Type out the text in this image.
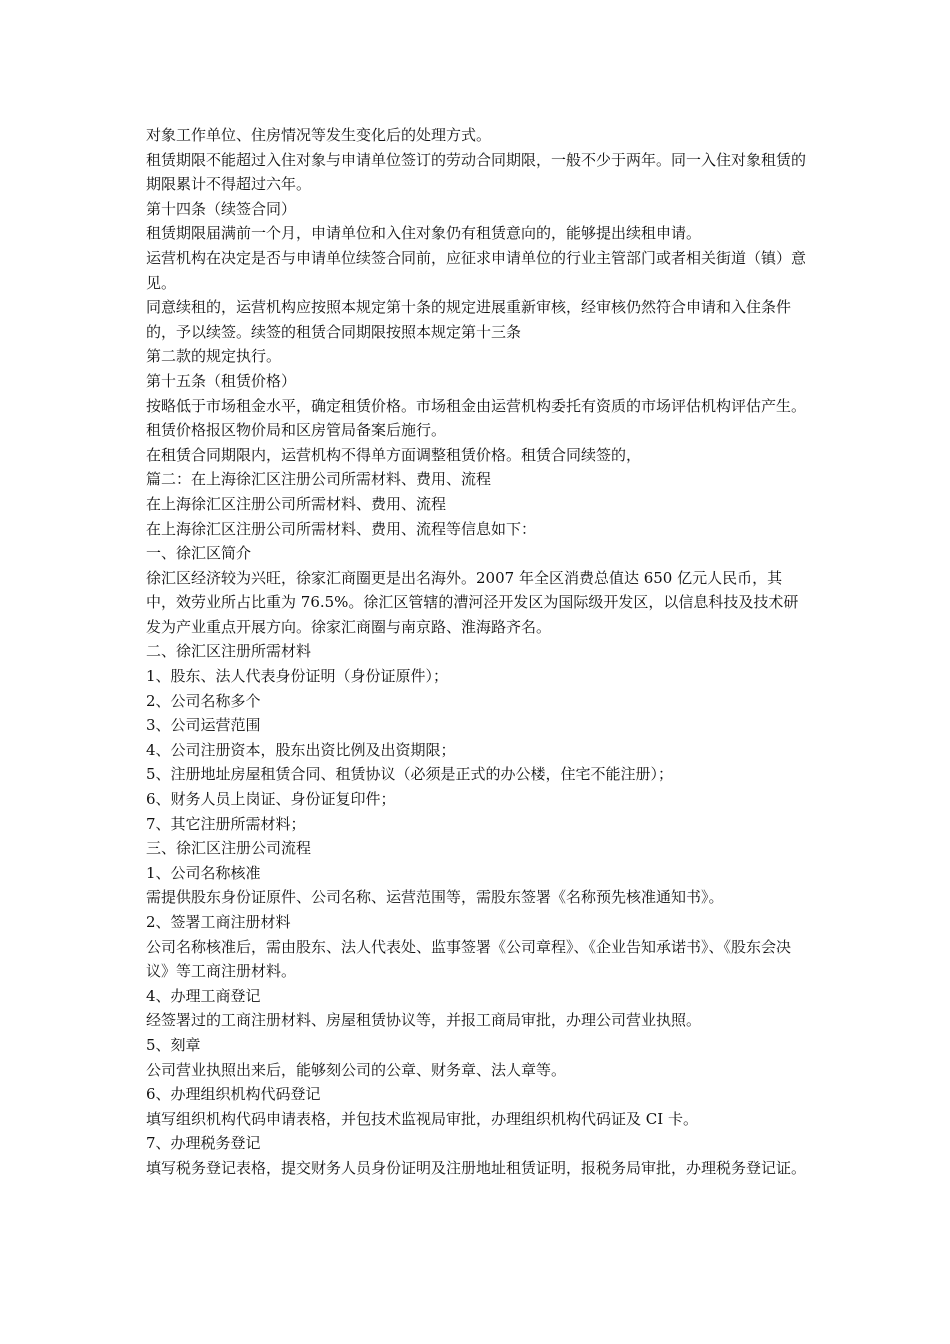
对象工作单位、住房情况等发生变化后的处理方式。

租赁期限不能超过入住对象与申请单位签订的劳动合同期限，一般不少于两年。同一入住对象租赁的期限累计不得超过六年。

第十四条（续签合同）

租赁期限届满前一个月，申请单位和入住对象仍有租赁意向的，能够提出续租申请。

运营机构在决定是否与申请单位续签合同前，应征求申请单位的行业主管部门或者相关街道（镇）意见。

同意续租的，运营机构应按照本规定第十条的规定进展重新审核，经审核仍然符合申请和入住条件的，予以续签。续签的租赁合同期限按照本规定第十三条

第二款的规定执行。

第十五条（租赁价格）

按略低于市场租金水平，确定租赁价格。市场租金由运营机构委托有资质的市场评估机构评估产生。租赁价格报区物价局和区房管局备案后施行。

在租赁合同期限内，运营机构不得单方面调整租赁价格。租赁合同续签的，

篇二：在上海徐汇区注册公司所需材料、费用、流程

在上海徐汇区注册公司所需材料、费用、流程

在上海徐汇区注册公司所需材料、费用、流程等信息如下：

一、徐汇区简介

徐汇区经济较为兴旺，徐家汇商圈更是出名海外。2007 年全区消费总值达 650 亿元人民币，其中，效劳业所占比重为 76.5%。徐汇区管辖的漕河泾开发区为国际级开发区，以信息科技及技术研发为产业重点开展方向。徐家汇商圈与南京路、淮海路齐名。

二、徐汇区注册所需材料

1、股东、法人代表身份证明（身份证原件）；

2、公司名称多个

3、公司运营范围

4、公司注册资本，股东出资比例及出资期限；

5、注册地址房屋租赁合同、租赁协议（必须是正式的办公楼，住宅不能注册）；

6、财务人员上岗证、身份证复印件；

7、其它注册所需材料；

三、徐汇区注册公司流程

1、公司名称核准

需提供股东身份证原件、公司名称、运营范围等，需股东签署《名称预先核准通知书》。

2、签署工商注册材料

公司名称核准后，需由股东、法人代表处、监事签署《公司章程》、《企业告知承诺书》、《股东会决议》等工商注册材料。

4、办理工商登记

经签署过的工商注册材料、房屋租赁协议等，并报工商局审批，办理公司营业执照。

5、刻章

公司营业执照出来后，能够刻公司的公章、财务章、法人章等。

6、办理组织机构代码登记

填写组织机构代码申请表格，并包技术监视局审批，办理组织机构代码证及 CI 卡。

7、办理税务登记

填写税务登记表格，提交财务人员身份证明及注册地址租赁证明，报税务局审批，办理税务登记证。
